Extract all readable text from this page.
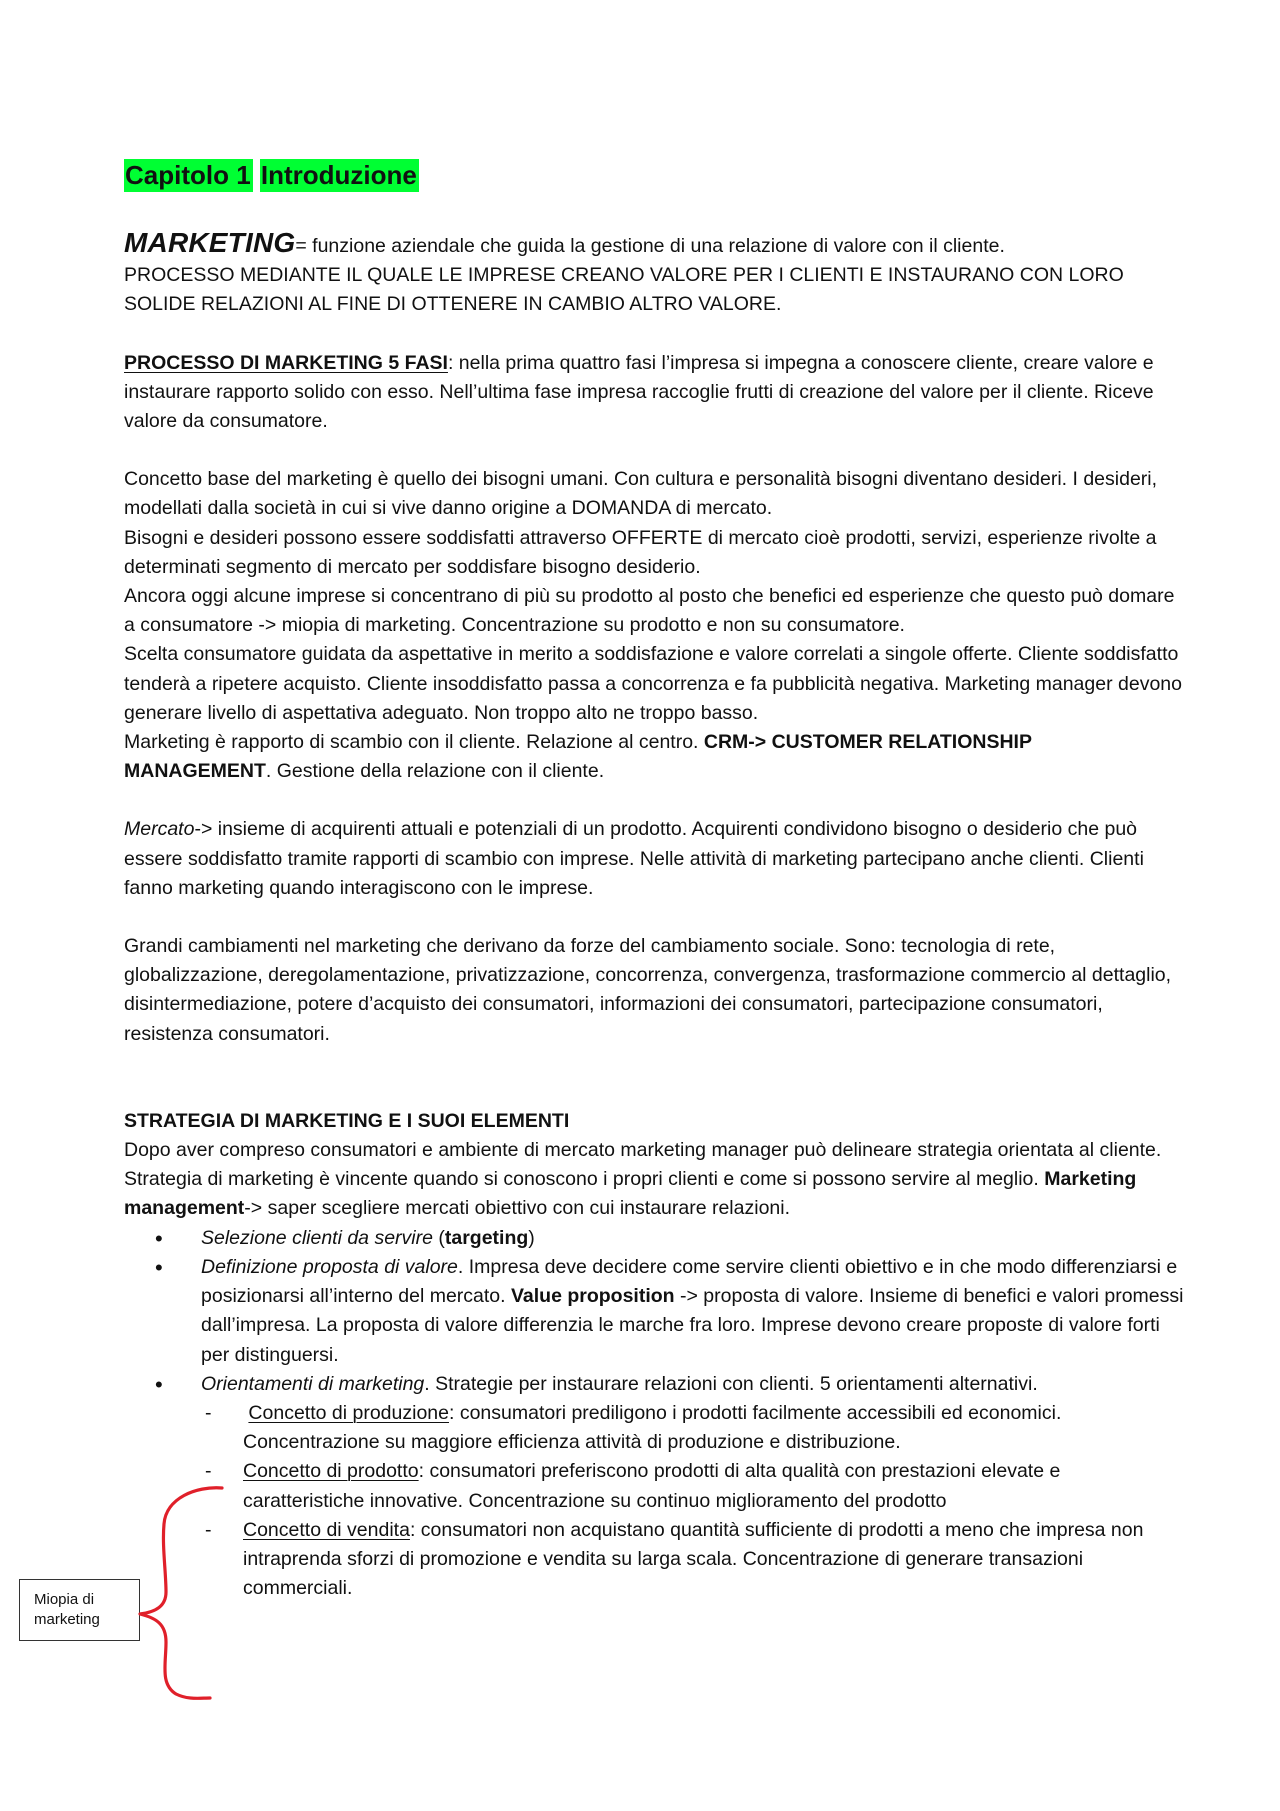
Capitolo 1 Introduzione

MARKETING= funzione aziendale che guida la gestione di una relazione di valore con il cliente.

PROCESSO MEDIANTE IL QUALE LE IMPRESE CREANO VALORE PER I CLIENTI E INSTAURANO CON LORO SOLIDE RELAZIONI AL FINE DI OTTENERE IN CAMBIO ALTRO VALORE.

PROCESSO DI MARKETING 5 FASI: nella prima quattro fasi l’impresa si impegna a conoscere cliente, creare valore e instaurare rapporto solido con esso. Nell’ultima fase impresa raccoglie frutti di creazione del valore per il cliente. Riceve valore da consumatore.

Concetto base del marketing è quello dei bisogni umani. Con cultura e personalità bisogni diventano desideri. I desideri, modellati dalla società in cui si vive danno origine a DOMANDA di mercato.

Bisogni e desideri possono essere soddisfatti attraverso OFFERTE di mercato cioè prodotti, servizi, esperienze rivolte a determinati segmento di mercato per soddisfare bisogno desiderio.

Ancora oggi alcune imprese si concentrano di più su prodotto al posto che benefici ed esperienze che questo può domare a consumatore -> miopia di marketing. Concentrazione su prodotto e non su consumatore.

Scelta consumatore guidata da aspettative in merito a soddisfazione e valore correlati a singole offerte. Cliente soddisfatto tenderà a ripetere acquisto. Cliente insoddisfatto passa a concorrenza e fa pubblicità negativa. Marketing manager devono generare livello di aspettativa adeguato. Non troppo alto ne troppo basso.

Marketing è rapporto di scambio con il cliente. Relazione al centro. CRM-> CUSTOMER RELATIONSHIP MANAGEMENT. Gestione della relazione con il cliente.

Mercato-> insieme di acquirenti attuali e potenziali di un prodotto. Acquirenti condividono bisogno o desiderio che può essere soddisfatto tramite rapporti di scambio con imprese. Nelle attività di marketing partecipano anche clienti. Clienti fanno marketing quando interagiscono con le imprese.

Grandi cambiamenti nel marketing che derivano da forze del cambiamento sociale. Sono: tecnologia di rete, globalizzazione, deregolamentazione, privatizzazione, concorrenza, convergenza, trasformazione commercio al dettaglio, disintermediazione, potere d’acquisto dei consumatori, informazioni dei consumatori, partecipazione consumatori, resistenza consumatori.

STRATEGIA DI MARKETING E I SUOI ELEMENTI

Dopo aver compreso consumatori e ambiente di mercato marketing manager può delineare strategia orientata al cliente. Strategia di marketing è vincente quando si conoscono i propri clienti e come si possono servire al meglio. Marketing management-> saper scegliere mercati obiettivo con cui instaurare relazioni.

• Selezione clienti da servire (targeting)
• Definizione proposta di valore. Impresa deve decidere come servire clienti obiettivo e in che modo differenziarsi e posizionarsi all’interno del mercato. Value proposition -> proposta di valore. Insieme di benefici e valori promessi dall’impresa. La proposta di valore differenzia le marche fra loro. Imprese devono creare proposte di valore forti per distinguersi.
• Orientamenti di marketing. Strategie per instaurare relazioni con clienti. 5 orientamenti alternativi.
- Concetto di produzione: consumatori prediligono i prodotti facilmente accessibili ed economici. Concentrazione su maggiore efficienza attività di produzione e distribuzione.
- Concetto di prodotto: consumatori preferiscono prodotti di alta qualità con prestazioni elevate e caratteristiche innovative. Concentrazione su continuo miglioramento del prodotto
- Concetto di vendita: consumatori non acquistano quantità sufficiente di prodotti a meno che impresa non intraprenda sforzi di promozione e vendita su larga scala. Concentrazione di generare transazioni commerciali.
Miopia di
marketing
